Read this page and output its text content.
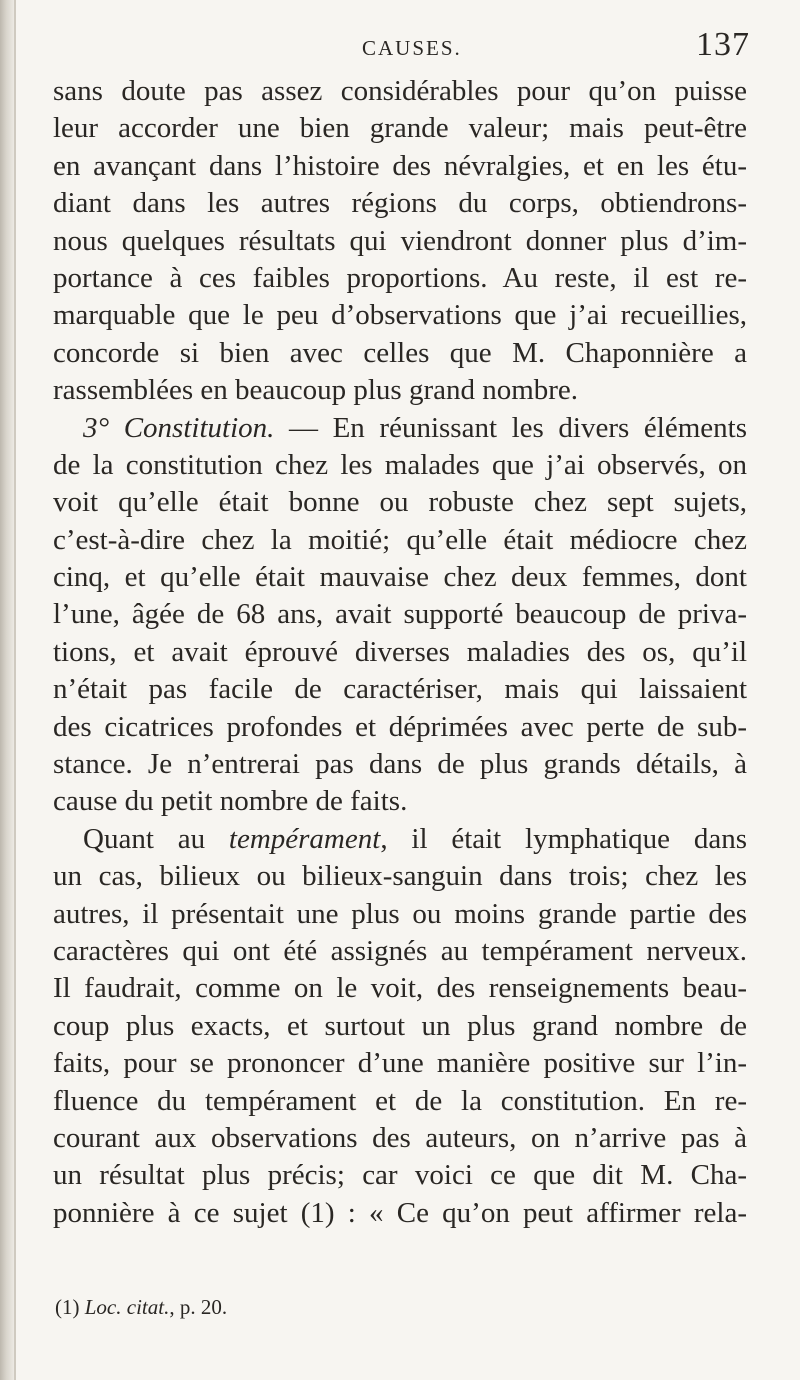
CAUSES.	137
sans doute pas assez considérables pour qu’on puisse
leur accorder une bien grande valeur; mais peut-être
en avançant dans l’histoire des névralgies, et en les étu-
diant dans les autres régions du corps, obtiendrons-
nous quelques résultats qui viendront donner plus d’im-
portance à ces faibles proportions. Au reste, il est re-
marquable que le peu d’observations que j’ai recueillies,
concorde si bien avec celles que M. Chaponnière a
rassemblées en beaucoup plus grand nombre.
3° Constitution. — En réunissant les divers éléments
de la constitution chez les malades que j’ai observés, on
voit qu’elle était bonne ou robuste chez sept sujets,
c’est-à-dire chez la moitié; qu’elle était médiocre chez
cinq, et qu’elle était mauvaise chez deux femmes, dont
l’une, âgée de 68 ans, avait supporté beaucoup de priva-
tions, et avait éprouvé diverses maladies des os, qu’il
n’était pas facile de caractériser, mais qui laissaient
des cicatrices profondes et déprimées avec perte de sub-
stance. Je n’entrerai pas dans de plus grands détails, à
cause du petit nombre de faits.
Quant au tempérament, il était lymphatique dans
un cas, bilieux ou bilieux-sanguin dans trois; chez les
autres, il présentait une plus ou moins grande partie des
caractères qui ont été assignés au tempérament nerveux.
Il faudrait, comme on le voit, des renseignements beau-
coup plus exacts, et surtout un plus grand nombre de
faits, pour se prononcer d’une manière positive sur l’in-
fluence du tempérament et de la constitution. En re-
courant aux observations des auteurs, on n’arrive pas à
un résultat plus précis; car voici ce que dit M. Cha-
ponnière à ce sujet (1) : « Ce qu’on peut affirmer rela-
(1) Loc. citat., p. 20.
